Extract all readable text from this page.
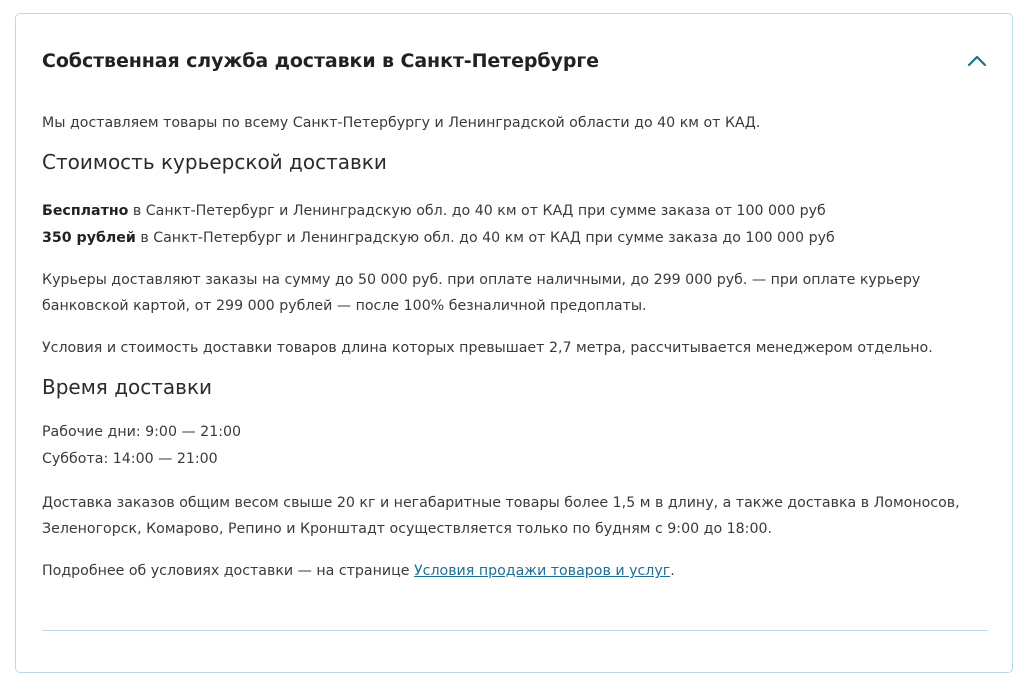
Собственная служба доставки в Санкт-Петербурге

Мы доставляем товары по всему Санкт-Петербургу и Ленинградской области до 40 км от КАД.

Стоимость курьерской доставки

Бесплатно в Санкт-Петербург и Ленинградскую обл. до 40 км от КАД при сумме заказа от 100 000 руб

350 рублей в Санкт-Петербург и Ленинградскую обл. до 40 км от КАД при сумме заказа до 100 000 руб

Курьеры доставляют заказы на сумму до 50 000 руб. при оплате наличными, до 299 000 руб. — при оплате курьеру банковской картой, от 299 000 рублей — после 100% безналичной предоплаты.

Условия и стоимость доставки товаров длина которых превышает 2,7 метра, рассчитывается менеджером отдельно.

Время доставки

Рабочие дни: 9:00 — 21:00

Суббота: 14:00 — 21:00

Доставка заказов общим весом свыше 20 кг и негабаритные товары более 1,5 м в длину, а также доставка в Ломоносов, Зеленогорск, Комарово, Репино и Кронштадт осуществляется только по будням с 9:00 до 18:00.

Подробнее об условиях доставки — на странице Условия продажи товаров и услуг.
